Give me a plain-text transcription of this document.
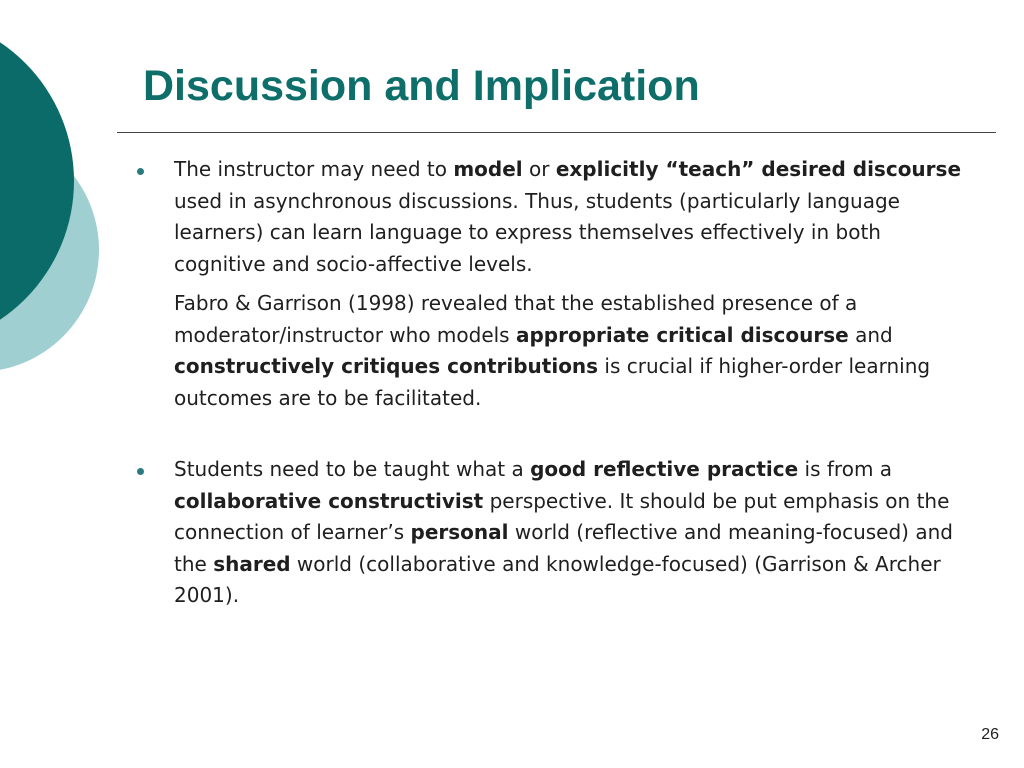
Discussion and Implication

The instructor may need to model or explicitly “teach” desired discourse used in asynchronous discussions. Thus, students (particularly language learners) can learn language to express themselves effectively in both cognitive and socio-affective levels.

Fabro & Garrison (1998) revealed that the established presence of a moderator/instructor who models appropriate critical discourse and constructively critiques contributions is crucial if higher-order learning outcomes are to be facilitated.

Students need to be taught what a good reflective practice is from a collaborative constructivist perspective. It should be put emphasis on the connection of learner’s personal world (reflective and meaning-focused) and the shared world (collaborative and knowledge-focused) (Garrison & Archer 2001).

26
